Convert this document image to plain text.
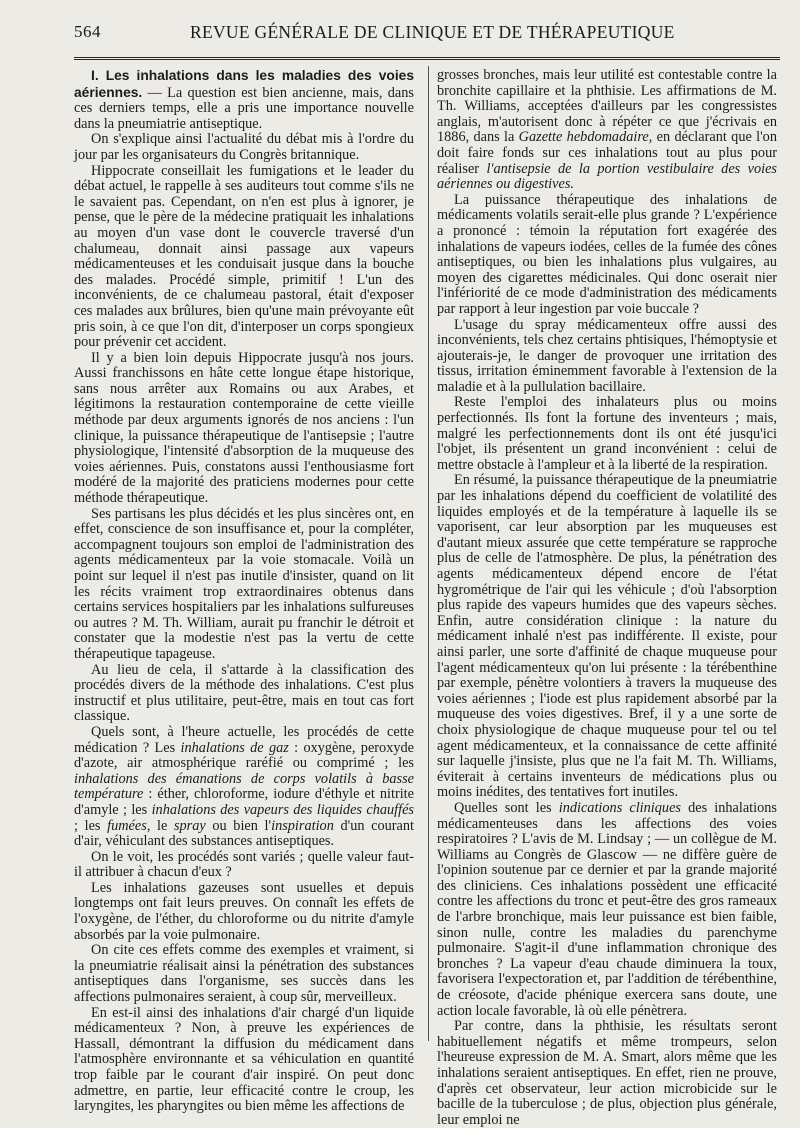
564	REVUE GÉNÉRALE DE CLINIQUE ET DE THÉRAPEUTIQUE

I. Les inhalations dans les maladies des voies aériennes. — La question est bien ancienne, mais, dans ces derniers temps, elle a pris une importance nouvelle dans la pneumiatrie antiseptique.

On s'explique ainsi l'actualité du débat mis à l'ordre du jour par les organisateurs du Congrès britannique.

Hippocrate conseillait les fumigations et le leader du débat actuel, le rappelle à ses auditeurs tout comme s'ils ne le savaient pas. Cependant, on n'en est plus à ignorer, je pense, que le père de la médecine pratiquait les inhalations au moyen d'un vase dont le couvercle traversé d'un chalumeau, donnait ainsi passage aux vapeurs médicamenteuses et les conduisait jusque dans la bouche des malades. Procédé simple, primitif ! L'un des inconvénients, de ce chalumeau pastoral, était d'exposer ces malades aux brûlures, bien qu'une main prévoyante eût pris soin, à ce que l'on dit, d'interposer un corps spongieux pour prévenir cet accident.

Il y a bien loin depuis Hippocrate jusqu'à nos jours. Aussi franchissons en hâte cette longue étape historique, sans nous arrêter aux Romains ou aux Arabes, et légitimons la restauration contemporaine de cette vieille méthode par deux arguments ignorés de nos anciens : l'un clinique, la puissance thérapeutique de l'antisepsie ; l'autre physiologique, l'intensité d'absorption de la muqueuse des voies aériennes. Puis, constatons aussi l'enthousiasme fort modéré de la majorité des praticiens modernes pour cette méthode thérapeutique.

Ses partisans les plus décidés et les plus sincères ont, en effet, conscience de son insuffisance et, pour la compléter, accompagnent toujours son emploi de l'administration des agents médicamenteux par la voie stomacale. Voilà un point sur lequel il n'est pas inutile d'insister, quand on lit les récits vraiment trop extraordinaires obtenus dans certains services hospitaliers par les inhalations sulfureuses ou autres ? M. Th. William, aurait pu franchir le détroit et constater que la modestie n'est pas la vertu de cette thérapeutique tapageuse.

Au lieu de cela, il s'attarde à la classification des procédés divers de la méthode des inhalations. C'est plus instructif et plus utilitaire, peut-être, mais en tout cas fort classique.

Quels sont, à l'heure actuelle, les procédés de cette médication ? Les inhalations de gaz : oxygène, peroxyde d'azote, air atmosphérique raréfié ou comprimé ; les inhalations des émanations de corps volatils à basse température : éther, chloroforme, iodure d'éthyle et nitrite d'amyle ; les inhalations des vapeurs des liquides chauffés ; les fumées, le spray ou bien l'inspiration d'un courant d'air, véhiculant des substances antiseptiques.

On le voit, les procédés sont variés ; quelle valeur faut-il attribuer à chacun d'eux ?

Les inhalations gazeuses sont usuelles et depuis longtemps ont fait leurs preuves. On connaît les effets de l'oxygène, de l'éther, du chloroforme ou du nitrite d'amyle absorbés par la voie pulmonaire.

On cite ces effets comme des exemples et vraiment, si la pneumiatrie réalisait ainsi la pénétration des substances antiseptiques dans l'organisme, ses succès dans les affections pulmonaires seraient, à coup sûr, merveilleux.

En est-il ainsi des inhalations d'air chargé d'un liquide médicamenteux ? Non, à preuve les expériences de Hassall, démontrant la diffusion du médicament dans l'atmosphère environnante et sa véhiculation en quantité trop faible par le courant d'air inspiré. On peut donc admettre, en partie, leur efficacité contre le croup, les laryngites, les pharyngites ou bien même les affections de

grosses bronches, mais leur utilité est contestable contre la bronchite capillaire et la phthisie. Les affirmations de M. Th. Williams, acceptées d'ailleurs par les congressistes anglais, m'autorisent donc à répéter ce que j'écrivais en 1886, dans la Gazette hebdomadaire, en déclarant que l'on doit faire fonds sur ces inhalations tout au plus pour réaliser l'antisepsie de la portion vestibulaire des voies aériennes ou digestives.

La puissance thérapeutique des inhalations de médicaments volatils serait-elle plus grande ? L'expérience a prononcé : témoin la réputation fort exagérée des inhalations de vapeurs iodées, celles de la fumée des cônes antiseptiques, ou bien les inhalations plus vulgaires, au moyen des cigarettes médicinales. Qui donc oserait nier l'infériorité de ce mode d'administration des médicaments par rapport à leur ingestion par voie buccale ?

L'usage du spray médicamenteux offre aussi des inconvénients, tels chez certains phtisiques, l'hémoptysie et ajouterais-je, le danger de provoquer une irritation des tissus, irritation éminemment favorable à l'extension de la maladie et à la pullulation bacillaire.

Reste l'emploi des inhalateurs plus ou moins perfectionnés. Ils font la fortune des inventeurs ; mais, malgré les perfectionnements dont ils ont été jusqu'ici l'objet, ils présentent un grand inconvénient : celui de mettre obstacle à l'ampleur et à la liberté de la respiration.

En résumé, la puissance thérapeutique de la pneumiatrie par les inhalations dépend du coefficient de volatilité des liquides employés et de la température à laquelle ils se vaporisent, car leur absorption par les muqueuses est d'autant mieux assurée que cette température se rapproche plus de celle de l'atmosphère. De plus, la pénétration des agents médicamenteux dépend encore de l'état hygrométrique de l'air qui les véhicule ; d'où l'absorption plus rapide des vapeurs humides que des vapeurs sèches. Enfin, autre considération clinique : la nature du médicament inhalé n'est pas indifférente. Il existe, pour ainsi parler, une sorte d'affinité de chaque muqueuse pour l'agent médicamenteux qu'on lui présente : la térébenthine par exemple, pénètre volontiers à travers la muqueuse des voies aériennes ; l'iode est plus rapidement absorbé par la muqueuse des voies digestives. Bref, il y a une sorte de choix physiologique de chaque muqueuse pour tel ou tel agent médicamenteux, et la connaissance de cette affinité sur laquelle j'insiste, plus que ne l'a fait M. Th. Williams, éviterait à certains inventeurs de médications plus ou moins inédites, des tentatives fort inutiles.

Quelles sont les indications cliniques des inhalations médicamenteuses dans les affections des voies respiratoires ? L'avis de M. Lindsay ; — un collègue de M. Williams au Congrès de Glascow — ne diffère guère de l'opinion soutenue par ce dernier et par la grande majorité des cliniciens. Ces inhalations possèdent une efficacité contre les affections du tronc et peut-être des gros rameaux de l'arbre bronchique, mais leur puissance est bien faible, sinon nulle, contre les maladies du parenchyme pulmonaire. S'agit-il d'une inflammation chronique des bronches ? La vapeur d'eau chaude diminuera la toux, favorisera l'expectoration et, par l'addition de térébenthine, de créosote, d'acide phénique exercera sans doute, une action locale favorable, là où elle pénètrera.

Par contre, dans la phthisie, les résultats seront habituellement négatifs et même trompeurs, selon l'heureuse expression de M. A. Smart, alors même que les inhalations seraient antiseptiques. En effet, rien ne prouve, d'après cet observateur, leur action microbicide sur le bacille de la tuberculose ; de plus, objection plus générale, leur emploi ne
